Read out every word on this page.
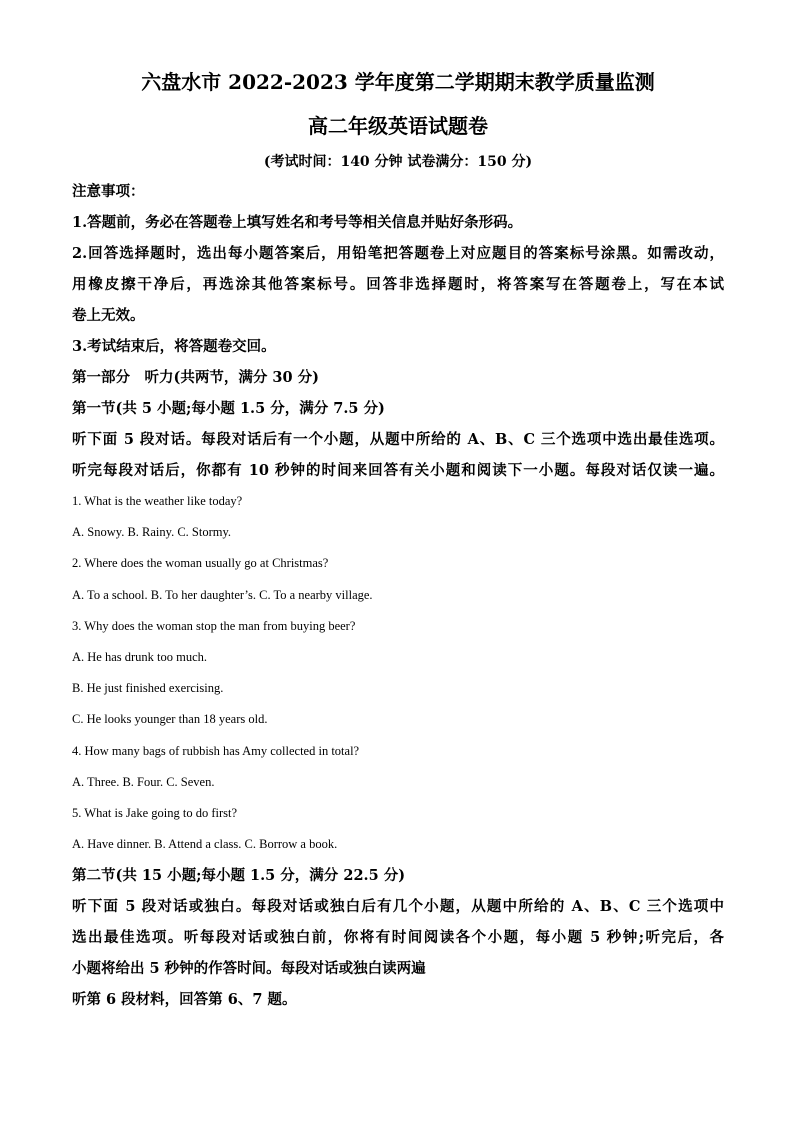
六盘水市 2022-2023 学年度第二学期期末教学质量监测
高二年级英语试题卷

(考试时间：140 分钟 试卷满分：150 分)

注意事项：

1.答题前，务必在答题卷上填写姓名和考号等相关信息并贴好条形码。

2.回答选择题时，选出每小题答案后，用铅笔把答题卷上对应题目的答案标号涂黑。如需改动，

用橡皮擦干净后，再选涂其他答案标号。回答非选择题时，将答案写在答题卷上，写在本试

卷上无效。

3.考试结束后，将答题卷交回。

第一部分　听力(共两节，满分 30 分)

第一节(共 5 小题;每小题 1.5 分，满分 7.5 分)

听下面 5 段对话。每段对话后有一个小题，从题中所给的 A、B、C 三个选项中选出最佳选项。

听完每段对话后，你都有 10 秒钟的时间来回答有关小题和阅读下一小题。每段对话仅读一遍。

1. What is the weather like today?

A. Snowy. B. Rainy. C. Stormy.

2. Where does the woman usually go at Christmas?

A. To a school. B. To her daughter’s. C. To a nearby village.

3. Why does the woman stop the man from buying beer?

A. He has drunk too much.

B. He just finished exercising.

C. He looks younger than 18 years old.

4. How many bags of rubbish has Amy collected in total?

A. Three. B. Four. C. Seven.

5. What is Jake going to do first?

A. Have dinner. B. Attend a class. C. Borrow a book.

第二节(共 15 小题;每小题 1.5 分，满分 22.5 分)

听下面 5 段对话或独白。每段对话或独白后有几个小题，从题中所给的 A、B、C 三个选项中

选出最佳选项。听每段对话或独白前，你将有时间阅读各个小题，每小题 5 秒钟;听完后，各

小题将给出 5 秒钟的作答时间。每段对话或独白读两遍

听第 6 段材料，回答第 6、7 题。
